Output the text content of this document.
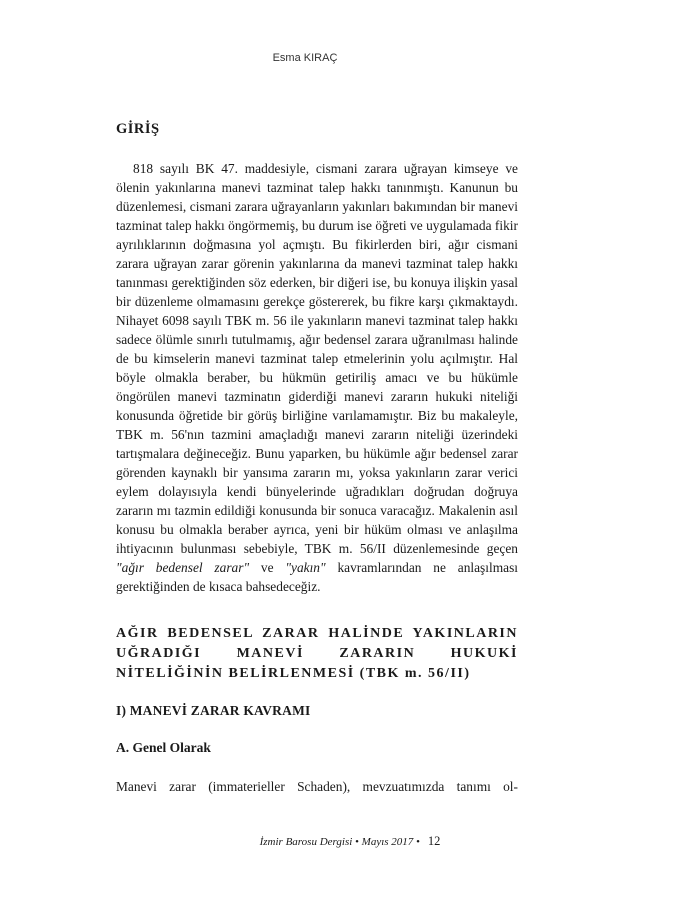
Esma KIRAÇ
GİRİŞ

818 sayılı BK 47. maddesiyle, cismani zarara uğrayan kimseye ve ölenin yakınlarına manevi tazminat talep hakkı tanınmıştı. Kanunun bu düzenlemesi, cismani zarara uğrayanların yakınları bakımından bir manevi tazminat talep hakkı öngörmemiş, bu durum ise öğreti ve uygulamada fikir ayrılıklarının doğmasına yol açmıştı. Bu fikirlerden biri, ağır cismani zarara uğrayan zarar görenin yakınlarına da manevi tazminat talep hakkı tanınması gerektiğinden söz ederken, bir diğeri ise, bu konuya ilişkin yasal bir düzenleme olmamasını gerekçe göstererek, bu fikre karşı çıkmaktaydı. Nihayet 6098 sayılı TBK m. 56 ile yakınların manevi tazminat talep hakkı sadece ölümle sınırlı tutulmamış, ağır bedensel zarara uğranılması halinde de bu kimselerin manevi tazminat talep etmelerinin yolu açılmıştır. Hal böyle olmakla beraber, bu hükmün getiriliş amacı ve bu hükümle öngörülen manevi tazminatın giderdiği manevi zararın hukuki niteliği konusunda öğretide bir görüş birliğine varılamamıştır. Biz bu makaleyle, TBK m. 56'nın tazmini amaçladığı manevi zararın niteliği üzerindeki tartışmalara değineceğiz. Bunu yaparken, bu hükümle ağır bedensel zarar görenden kaynaklı bir yansıma zararın mı, yoksa yakınların zarar verici eylem dolayısıyla kendi bünyelerinde uğradıkları doğrudan doğruya zararın mı tazmin edildiği konusunda bir sonuca varacağız. Makalenin asıl konusu bu olmakla beraber ayrıca, yeni bir hüküm olması ve anlaşılma ihtiyacının bulunması sebebiyle, TBK m. 56/II düzenlemesinde geçen "ağır bedensel zarar" ve "yakın" kavramlarından ne anlaşılması gerektiğinden de kısaca bahsedeceğiz.

AĞIR BEDENSEL ZARAR HALİNDE YAKINLARIN UĞRADIĞI MANEVİ ZARARIN HUKUKİ NİTELİĞİNİN BELİRLENMESİ (TBK m. 56/II)

I) MANEVİ ZARAR KAVRAMI
A. Genel Olarak

Manevi zarar (immaterieller Schaden), mevzuatımızda tanımı ol-

İzmir Barosu Dergisi • Mayıs 2017 • 12
